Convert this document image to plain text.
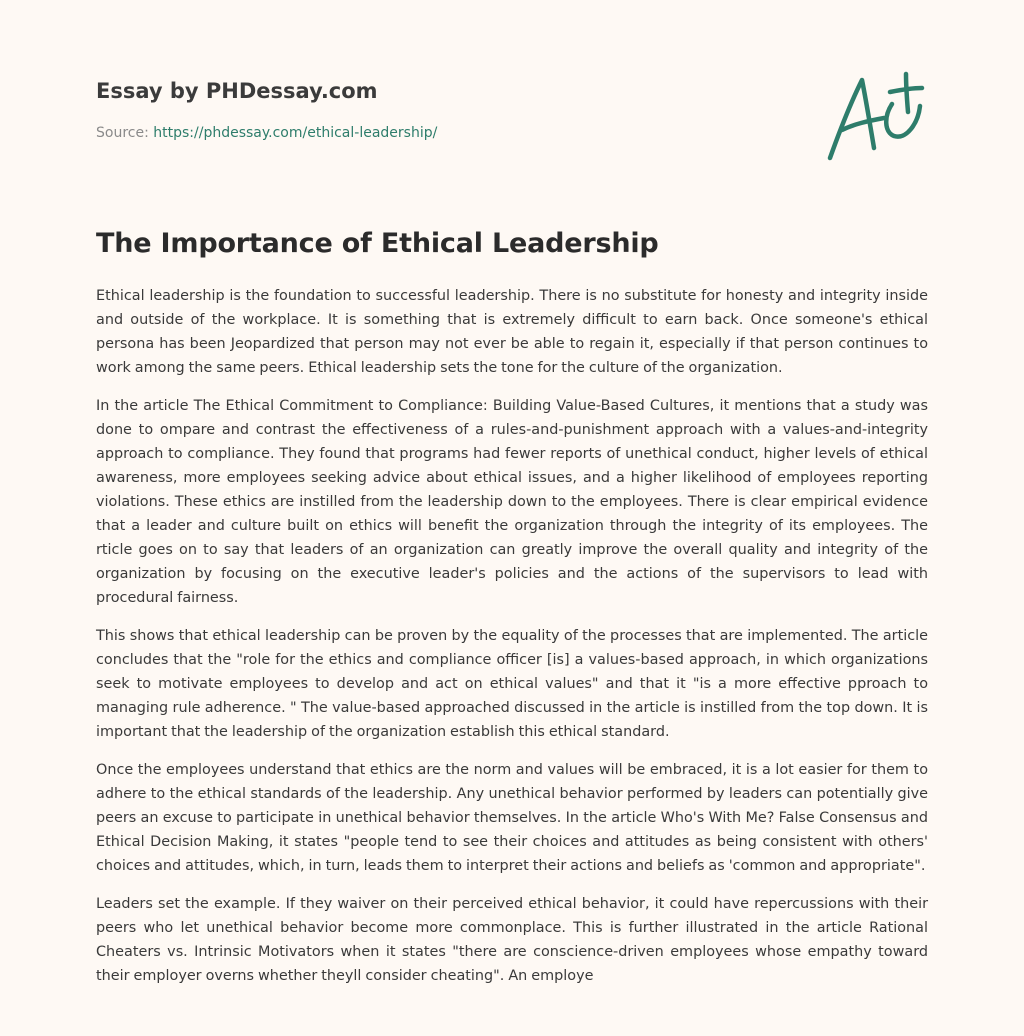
Essay by PHDessay.com
Source: https://phdessay.com/ethical-leadership/
The Importance of Ethical Leadership

Ethical leadership is the foundation to successful leadership. There is no substitute for honesty and integrity inside and outside of the workplace. It is something that is extremely difficult to earn back. Once someone's ethical persona has been Jeopardized that person may not ever be able to regain it, especially if that person continues to work among the same peers. Ethical leadership sets the tone for the culture of the organization.

In the article The Ethical Commitment to Compliance: Building Value-Based Cultures, it mentions that a study was done to ompare and contrast the effectiveness of a rules-and-punishment approach with a values-and-integrity approach to compliance. They found that programs had fewer reports of unethical conduct, higher levels of ethical awareness, more employees seeking advice about ethical issues, and a higher likelihood of employees reporting violations. These ethics are instilled from the leadership down to the employees. There is clear empirical evidence that a leader and culture built on ethics will benefit the organization through the integrity of its employees. The rticle goes on to say that leaders of an organization can greatly improve the overall quality and integrity of the organization by focusing on the executive leader's policies and the actions of the supervisors to lead with procedural fairness.

This shows that ethical leadership can be proven by the equality of the processes that are implemented. The article concludes that the "role for the ethics and compliance officer [is] a values-based approach, in which organizations seek to motivate employees to develop and act on ethical values" and that it "is a more effective pproach to managing rule adherence. " The value-based approached discussed in the article is instilled from the top down. It is important that the leadership of the organization establish this ethical standard.

Once the employees understand that ethics are the norm and values will be embraced, it is a lot easier for them to adhere to the ethical standards of the leadership. Any unethical behavior performed by leaders can potentially give peers an excuse to participate in unethical behavior themselves. In the article Who's With Me? False Consensus and Ethical Decision Making, it states "people tend to see their choices and attitudes as being consistent with others' choices and attitudes, which, in turn, leads them to interpret their actions and beliefs as 'common and appropriate".

Leaders set the example. If they waiver on their perceived ethical behavior, it could have repercussions with their peers who let unethical behavior become more commonplace. This is further illustrated in the article Rational Cheaters vs. Intrinsic Motivators when it states "there are conscience-driven employees whose empathy toward their employer overns whether theyll consider cheating". An employe
